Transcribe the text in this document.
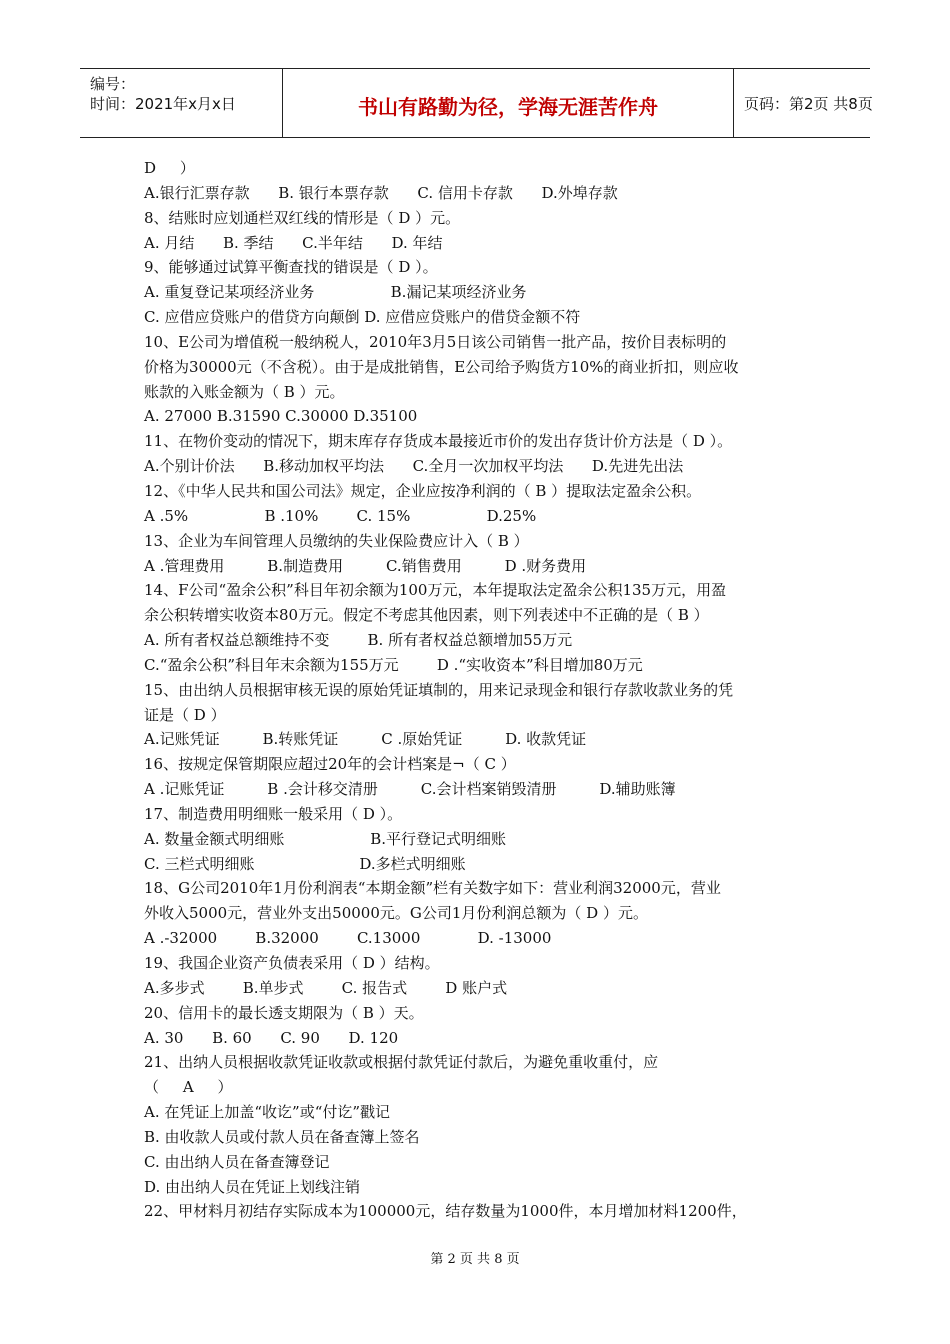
编号：
时间：2021年x月x日	书山有路勤为径，学海无涯苦作舟	页码：第2页 共8页
D     ）
A.银行汇票存款      B. 银行本票存款      C. 信用卡存款      D.外埠存款
8、结账时应划通栏双红线的情形是（ D ）元。
A. 月结      B. 季结      C.半年结      D. 年结
9、能够通过试算平衡查找的错误是（ D ）。
A. 重复登记某项经济业务                B.漏记某项经济业务
C. 应借应贷账户的借贷方向颠倒 D. 应借应贷账户的借贷金额不符
10、E公司为增值税一般纳税人，2010年3月5日该公司销售一批产品，按价目表标明的
价格为30000元（不含税）。由于是成批销售，E公司给予购货方10%的商业折扣，则应收
账款的入账金额为（ B ）元。
A. 27000 B.31590 C.30000 D.35100
11、在物价变动的情况下，期末库存存货成本最接近市价的发出存货计价方法是（ D ）。
A.个别计价法      B.移动加权平均法      C.全月一次加权平均法      D.先进先出法
12、《中华人民共和国公司法》规定，企业应按净利润的（ B ）提取法定盈余公积。
A .5%                B .10%        C. 15%                D.25%
13、企业为车间管理人员缴纳的失业保险费应计入（ B ）
A .管理费用         B.制造费用         C.销售费用         D .财务费用
14、F公司“盈余公积”科目年初余额为100万元，本年提取法定盈余公积135万元，用盈
余公积转增实收资本80万元。假定不考虑其他因素，则下列表述中不正确的是（ B ）
A. 所有者权益总额维持不变        B. 所有者权益总额增加55万元
C.“盈余公积”科目年末余额为155万元        D .“实收资本”科目增加80万元
15、由出纳人员根据审核无误的原始凭证填制的，用来记录现金和银行存款收款业务的凭
证是（ D ）
A.记账凭证         B.转账凭证         C .原始凭证         D. 收款凭证
16、按规定保管期限应超过20年的会计档案是¬（ C ）
A .记账凭证         B .会计移交清册         C.会计档案销毁清册         D.辅助账簿
17、制造费用明细账一般采用（ D ）。
A. 数量金额式明细账                  B.平行登记式明细账
C. 三栏式明细账                      D.多栏式明细账
18、G公司2010年1月份利润表“本期金额”栏有关数字如下：营业利润32000元，营业
外收入5000元，营业外支出50000元。G公司1月份利润总额为（ D ）元。
A .-32000        B.32000        C.13000            D. -13000
19、我国企业资产负债表采用（ D ）结构。
A.多步式        B.单步式        C. 报告式        D 账户式
20、信用卡的最长透支期限为（ B ）天。
A. 30      B. 60      C. 90      D. 120
21、出纳人员根据收款凭证收款或根据付款凭证付款后，为避免重收重付，应
（     A     ）
A. 在凭证上加盖“收讫”或“付讫”戳记
B. 由收款人员或付款人员在备查簿上签名
C. 由出纳人员在备查簿登记
D. 由出纳人员在凭证上划线注销
22、甲材料月初结存实际成本为100000元，结存数量为1000件，本月增加材料1200件，
第 2 页 共 8 页
